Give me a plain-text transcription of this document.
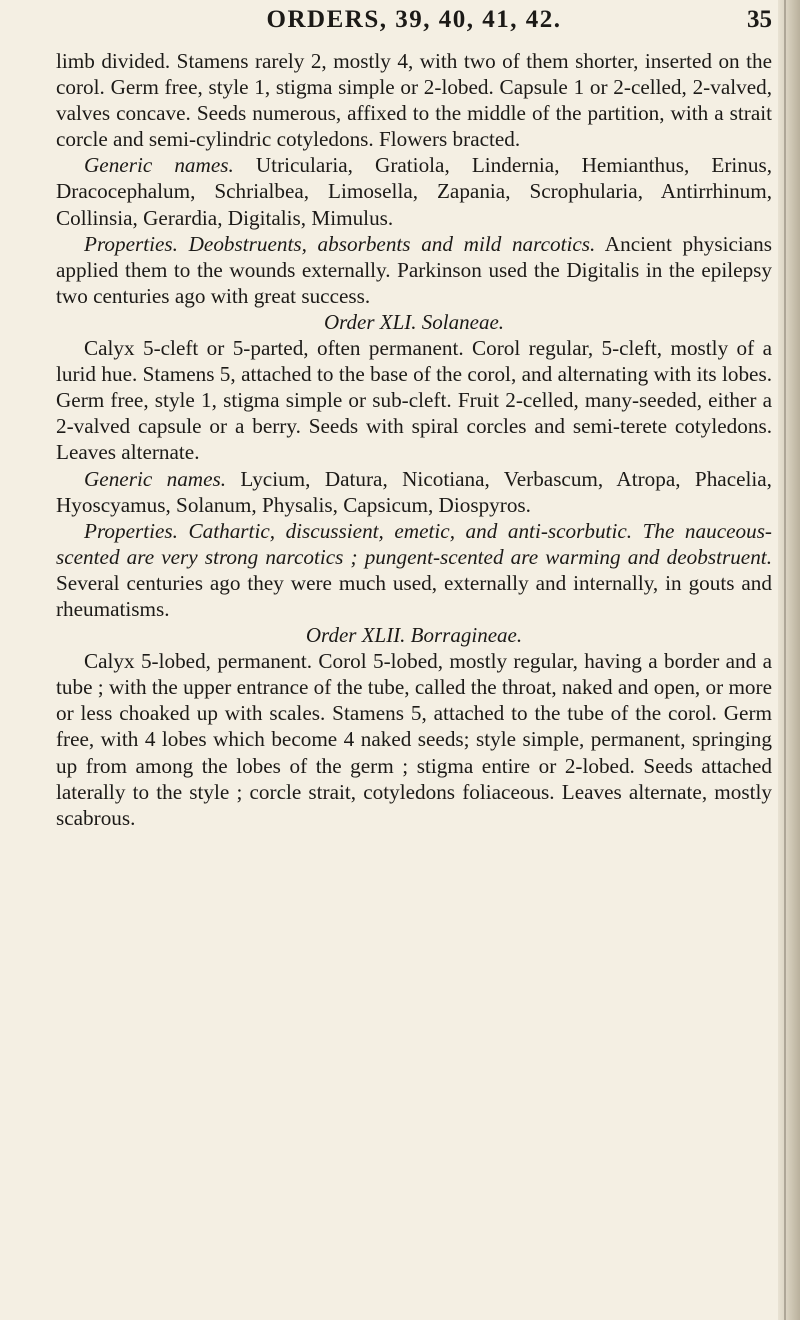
ORDERS, 39, 40, 41, 42.	35

limb divided. Stamens rarely 2, mostly 4, with two of them shorter, inserted on the corol. Germ free, style 1, stigma simple or 2-lobed. Capsule 1 or 2-celled, 2-valved, valves concave. Seeds numerous, affixed to the middle of the partition, with a strait corcle and semi-cylindric cotyledons. Flowers bracted.

Generic names. Utricularia, Gratiola, Lindernia, Hemianthus, Erinus, Dracocephalum, Schrialbea, Limosella, Zapania, Scrophularia, Antirrhinum, Collinsia, Gerardia, Digitalis, Mimulus.

Properties. Deobstruents, absorbents and mild narcotics. Ancient physicians applied them to the wounds externally. Parkinson used the Digitalis in the epilepsy two centuries ago with great success.

Order XLI. Solaneae.

Calyx 5-cleft or 5-parted, often permanent. Corol regular, 5-cleft, mostly of a lurid hue. Stamens 5, attached to the base of the corol, and alternating with its lobes. Germ free, style 1, stigma simple or sub-cleft. Fruit 2-celled, many-seeded, either a 2-valved capsule or a berry. Seeds with spiral corcles and semi-terete cotyledons. Leaves alternate.

Generic names. Lycium, Datura, Nicotiana, Verbascum, Atropa, Phacelia, Hyoscyamus, Solanum, Physalis, Capsicum, Diospyros.

Properties. Cathartic, discussient, emetic, and anti-scorbutic. The nauceous-scented are very strong narcotics ; pungent-scented are warming and deobstruent. Several centuries ago they were much used, externally and internally, in gouts and rheumatisms.

Order XLII. Borragineae.

Calyx 5-lobed, permanent. Corol 5-lobed, mostly regular, having a border and a tube ; with the upper entrance of the tube, called the throat, naked and open, or more or less choaked up with scales. Stamens 5, attached to the tube of the corol. Germ free, with 4 lobes which become 4 naked seeds; style simple, permanent, springing up from among the lobes of the germ ; stigma entire or 2-lobed. Seeds attached laterally to the style ; corcle strait, cotyledons foliaceous. Leaves alternate, mostly scabrous.
